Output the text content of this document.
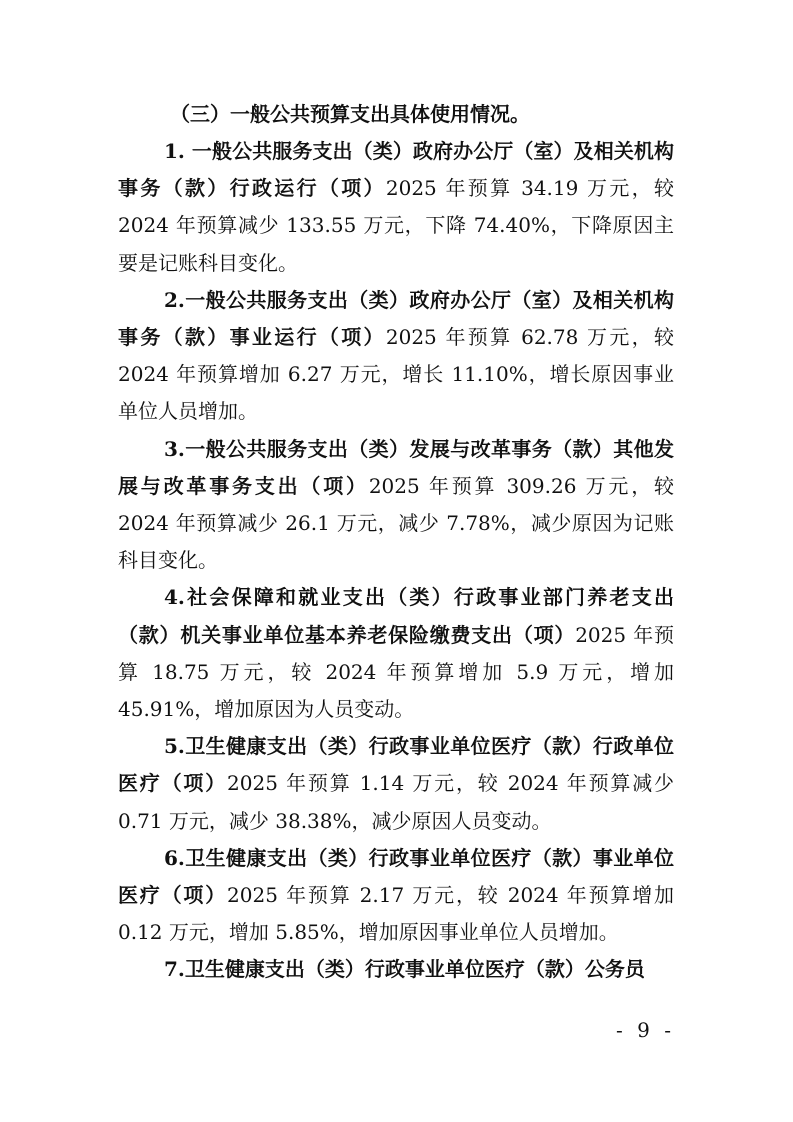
（三）一般公共预算支出具体使用情况。

1. 一般公共服务支出（类）政府办公厅（室）及相关机构事务（款）行政运行（项）2025 年预算 34.19 万元，较 2024 年预算减少 133.55 万元，下降 74.40%，下降原因主要是记账科目变化。

2.一般公共服务支出（类）政府办公厅（室）及相关机构事务（款）事业运行（项）2025 年预算 62.78 万元，较 2024 年预算增加 6.27 万元，增长 11.10%，增长原因事业单位人员增加。

3.一般公共服务支出（类）发展与改革事务（款）其他发展与改革事务支出（项）2025 年预算 309.26 万元，较 2024 年预算减少 26.1 万元，减少 7.78%，减少原因为记账科目变化。

4.社会保障和就业支出（类）行政事业部门养老支出（款）机关事业单位基本养老保险缴费支出（项）2025 年预算 18.75 万元，较 2024 年预算增加 5.9 万元，增加 45.91%，增加原因为人员变动。

5.卫生健康支出（类）行政事业单位医疗（款）行政单位医疗（项）2025 年预算 1.14 万元，较 2024 年预算减少 0.71 万元，减少 38.38%，减少原因人员变动。

6.卫生健康支出（类）行政事业单位医疗（款）事业单位医疗（项）2025 年预算 2.17 万元，较 2024 年预算增加 0.12 万元，增加 5.85%，增加原因事业单位人员增加。

7.卫生健康支出（类）行政事业单位医疗（款）公务员

- 9 -
